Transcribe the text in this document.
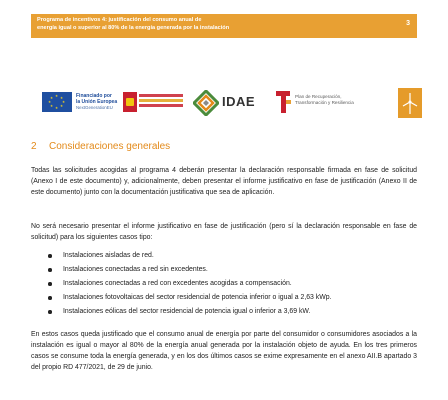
Programa de incentivos 4: justificación del consumo anual de
energía igual o superior al 80% de la energía generada por la instalación
3
★ ★
★
★
★
★
★
★	Financiado por
la Unión Europea
NextGenerationEU	IDAE	Plan de Recuperación,
Transformación y Resiliencia
2 Consideraciones generales
Todas las solicitudes acogidas al programa 4 deberán presentar la declaración responsable firmada en fase de solicitud (Anexo I de este documento) y, adicionalmente, deben presentar el informe justificativo en fase de justificación (Anexo II de este documento) junto con la documentación justificativa que sea de aplicación.
No será necesario presentar el informe justificativo en fase de justificación (pero sí la declaración responsable en fase de solicitud) para los siguientes casos tipo:
Instalaciones aisladas de red.
Instalaciones conectadas a red sin excedentes.
Instalaciones conectadas a red con excedentes acogidas a compensación.
Instalaciones fotovoltaicas del sector residencial de potencia inferior o igual a 2,63 kWp.
Instalaciones eólicas del sector residencial de potencia igual o inferior a 3,69 kW.
En estos casos queda justificado que el consumo anual de energía por parte del consumidor o consumidores asociados a la instalación es igual o mayor al 80% de la energía anual generada por la instalación objeto de ayuda. En los tres primeros casos se consume toda la energía generada, y en los dos últimos casos se exime expresamente en el anexo AII.B apartado 3 del propio RD 477/2021, de 29 de junio.
